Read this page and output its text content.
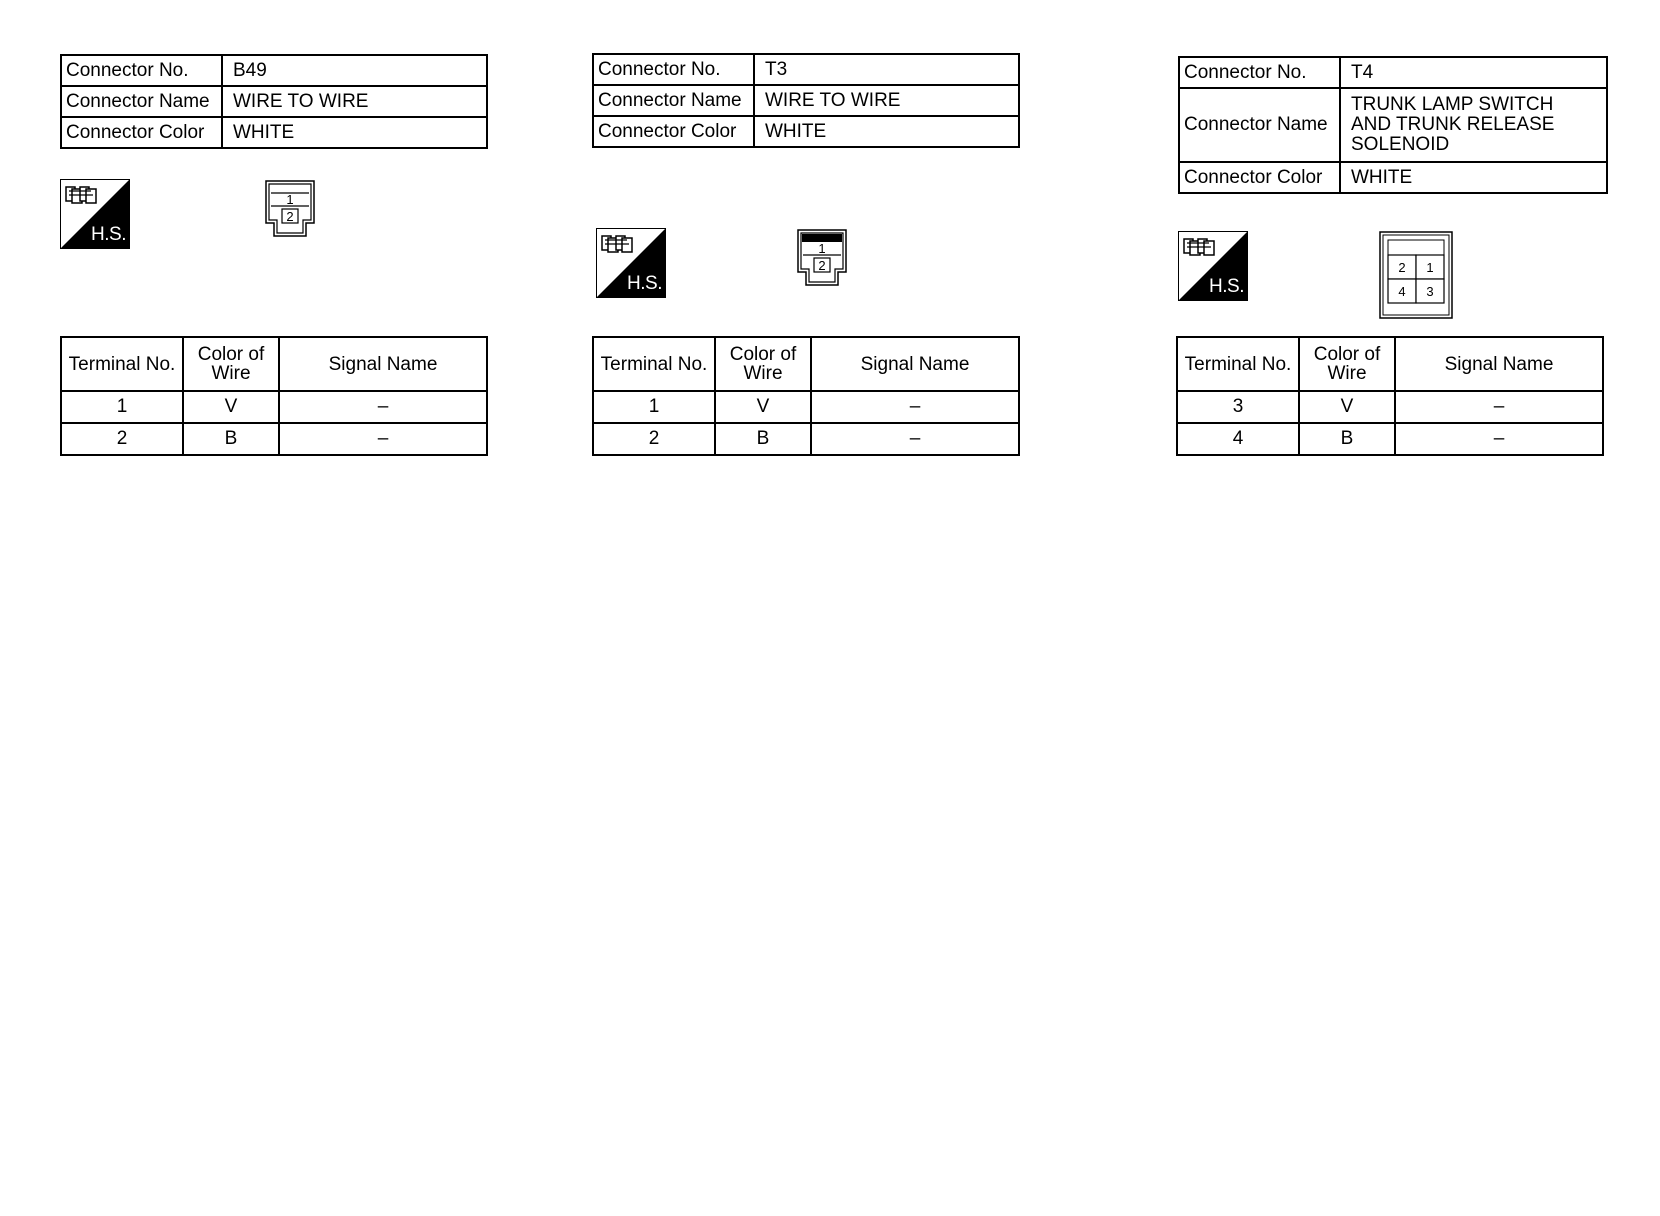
Connector No.	B49
Connector Name	WIRE TO WIRE
Connector Color	WHITE
H.S.
1
2
Terminal No.	Color of Wire	Signal Name
1	V	–
2	B	–
Connector No.	T3
Connector Name	WIRE TO WIRE
Connector Color	WHITE
H.S.
1
2
Terminal No.	Color of Wire	Signal Name
1	V	–
2	B	–
Connector No.	T4
Connector Name	TRUNK LAMP SWITCH AND TRUNK RELEASE SOLENOID
Connector Color	WHITE
H.S.
2 1
4 3
Terminal No.	Color of Wire	Signal Name
3	V	–
4	B	–
